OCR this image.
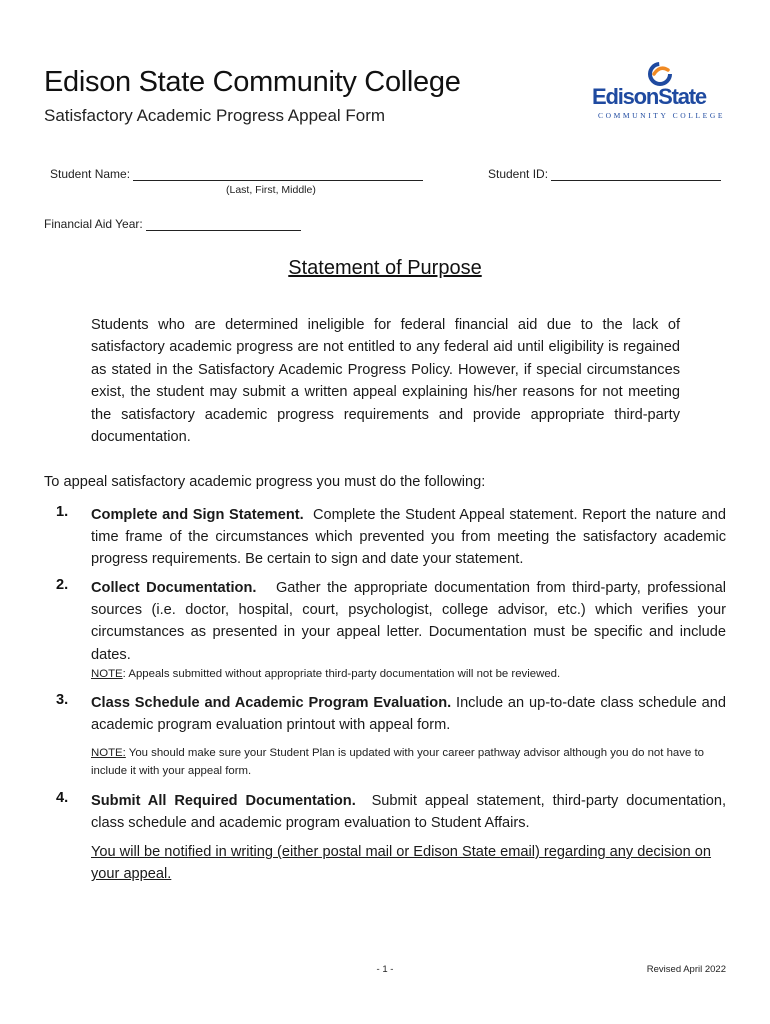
Edison State Community College
Satisfactory Academic Progress Appeal Form
EdisonState
COMMUNITY COLLEGE
Student Name:
(Last, First, Middle)
Student ID:
Financial Aid Year:
Statement of Purpose
Students who are determined ineligible for federal financial aid due to the lack of satisfactory academic progress are not entitled to any federal aid until eligibility is regained as stated in the Satisfactory Academic Progress Policy. However, if special circumstances exist, the student may submit a written appeal explaining his/her reasons for not meeting the satisfactory academic progress requirements and provide appropriate third-party documentation.
To appeal satisfactory academic progress you must do the following:
1. Complete and Sign Statement. Complete the Student Appeal statement. Report the nature and time frame of the circumstances which prevented you from meeting the satisfactory academic progress requirements. Be certain to sign and date your statement.
2. Collect Documentation. Gather the appropriate documentation from third-party, professional sources (i.e. doctor, hospital, court, psychologist, college advisor, etc.) which verifies your circumstances as presented in your appeal letter. Documentation must be specific and include dates.
NOTE: Appeals submitted without appropriate third-party documentation will not be reviewed.
3. Class Schedule and Academic Program Evaluation. Include an up-to-date class schedule and academic program evaluation printout with appeal form.
NOTE: You should make sure your Student Plan is updated with your career pathway advisor although you do not have to include it with your appeal form.
4. Submit All Required Documentation. Submit appeal statement, third-party documentation, class schedule and academic program evaluation to Student Affairs.
You will be notified in writing (either postal mail or Edison State email) regarding any decision on your appeal.
- 1 -	Revised April 2022
